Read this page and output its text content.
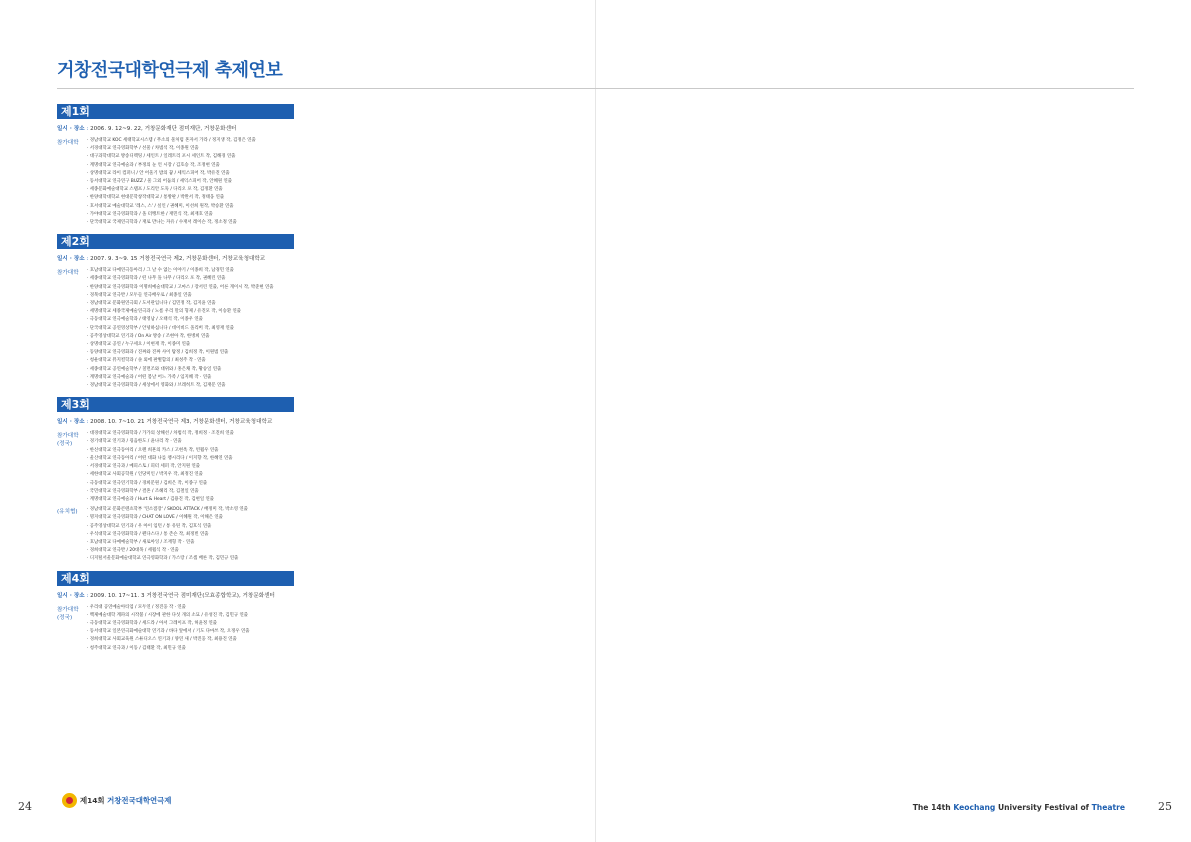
거창전국대학연극제 축제연보
제1회
일시 · 장소 : 2006. 9. 12~9. 22, 거창문화재단 점미재단, 거창문화센터
참가대학	· 경남대학교 KOC 세태학교시스템 / 무소의 물처럼 혼자서 가라 / 정지생 작, 김정은 연출
· 서경대학교 연극영화학부 / 선물 / 차범석 작, 이종원 연출
· 대구과학대학교 방송디렉팅 / 세인트 / 일레트리 포시 세인트 작, 김해경 연출
· 계명대학교 연극예술과 / 부정의 눈 언 시장 / 김호승 작, 조정현 연출
· 상명대학교 라이 컴퍼니 / 안 어울기 밤의 꿈 / 셰익스피어 작, 박유진 연출
· 동서대학교 연극연구 BUZZ / 물 그외 어둠의 / 셰익스피어 작, 안혜원 연출
· 세종문화예술대학교 스탬프 / 도리안 도둑 / 다리오 포 작, 김정환 연출
· 한양대학대학교 현대문학창작대학교 / 통방판 / 박완서 작, 정태웅 연출
· 호서대학교 예술대학교 '레스, 스' / 실인 / 권혜미, 이선희 원작, 박승환 연출
· 가야대학교 연극영화학과 / 올 터뱅트한 / 재민식 작, 최재호 연출
· 단국대학교 국제연극학과 / 재로 만나는 자유 / 수재서 레이슨 작, 정소정 연출
제2회
일시 · 장소 : 2007. 9. 3~9. 15 거창전국연극 제2, 거창문화센터, 거창교육청대학교
참가대학	· 호남대학교 다예연극동아리 / 그 날 수 없는 이야기 / 이종희 작, 남경민 연출
· 세종대학교 연극영화학과 / 떤 나무 돌 나무 / 다리오 포 작, 권혜린 연출
· 한양대학교 연극영화학과 이명희예술대학교 / 고마스 / 장서린 연출, 어른 게이시 작, 박준현 연출
· 경북대학교 연극반 / 모두들 연극배우로 / 최종일 연출
· 경남대학교 문화원연극회 / 도서관입니다 / 김민정 작, 김지윤 연출
· 세명대학교 세종국제예술연극과 / 노룸 우리 말의 형제 / 유진모 작, 이승환 연출
· 극동대학교 연극예술학과 / 태영남 / 오태석 작, 이종우 연출
· 단국대학교 공연영상학부 / 안녕하십니다 / 데이비드 올리버 작, 최영재 연출
· 공주영상대학교 연기과 / On Air 방송 / 조현아 작, 한병희 연출
· 상명대학교 공연 / 누구세요 / 이현재 작, 이종미 연출
· 동양대학교 연극영화과 / 진짜와 진짜 사이 탐정 / 김희정 작, 이원범 연출
· 청운대학교 뮤지컬학과 / 솔 외에 판별함의 / 최성주 작 · 연출
· 세종대학교 공연예술학부 / 칠면조와 대위와 / 홍은채 작, 황승일 연출
· 계명대학교 연극예술과 / 어떤 봄날 어느 가족 / 임지혜 작 · 연출
· 경남대학교 연극영화학과 / 세상에서 영화와 / 브레히트 작, 김재문 연출
제3회
일시 · 장소 : 2008. 10. 7~10. 21 거창전국연극 제3, 거창문화센터, 거창교육청대학교
참가대학 (정국)
· 대경대학교 연극영화학과 / 가가의 상해선 / 차범석 작, 정희정 · 조진희 연출
· 경기대학교 연기과 / 굉음한도 / 윤나리 작 · 연출
· 한신대학교 연극동아리 / 오렌 희흔의 카스 / 고현옥 작, 빈월우 연출
· 울산대학교 연극동아리 / 어떤 대화 나를 챙시리다 / 이지향 작, 한혜연 연출
· 서경대학교 연극과 / 메피스토 / 피터 세퍼 작, 안지원 연출
· 세한대학교 사회공학원 / 인당미인 / 박지우 작, 최정진 연출
· 극동대학교 연극연기학과 / 경희문원 / 김희은 작, 이종구 연출
· 국민대학교 연극영화학부 / 결혼 / 조헤리 작, 김철일 연출
· 계명대학교 연극예술과 / Hurt & Heart / 김용진 작, 김현일 연출
(유치협)	· 경남대학교 문화콘텐츠학부 '연소점장' / SKOOL ATTACK / 배정미 작, 박소영 연출
· 명지대학교 연극영화학과 / CHAT ON LOVE / 이혜원 작, 이해은 연출
· 공주영상대학교 연기과 / 우 아이 임턴 / 통 유틴 작, 김호식 연출
· 우석대학교 연극영화학과 / 펜다스다 / 통 존슨 작, 최정빈 연출
· 호남대학교 다예예술학부 / 새로아잉 / 조재형 작 · 연출
· 경희대학교 연극반 / 20대목 / 세월식 작 · 연출
· 디지털서울문화예술대학교 연극영화학과 / 가스랑 / 조셉 배론 작, 김민규 연출
제4회
일시 · 장소 : 2009. 10. 17~11. 3 거창전국연극 점미재단(모효종합학교), 거창문화센터
참가대학 (정국)
· 우리대 공연예술아티엄 / 모두연 / 정진웅 작 · 연출
· 백제예술대학 계파의 시작불 / 시장에 관한 다섯 개의 소묘 / 유성진 작, 김민규 연출
· 극동대학교 연극영화학과 / 세드라 / 아서 그레이프 작, 허윤정 연출
· 동서대학교 일본연극화예술대학 연기과 / 바다 앞에서 / 기도 다마쓰 작, 오정우 연출
· 경희대학교 사회교육원 스튜디오스 연기과 / 양연 새 / 박진웅 작, 최용진 연출
· 청주대학교 연극과 / 이동 / 김태환 작, 최민규 연출
24	제14회 거창전국대학연극제
The 14th Keochang University Festival of Theatre	25
